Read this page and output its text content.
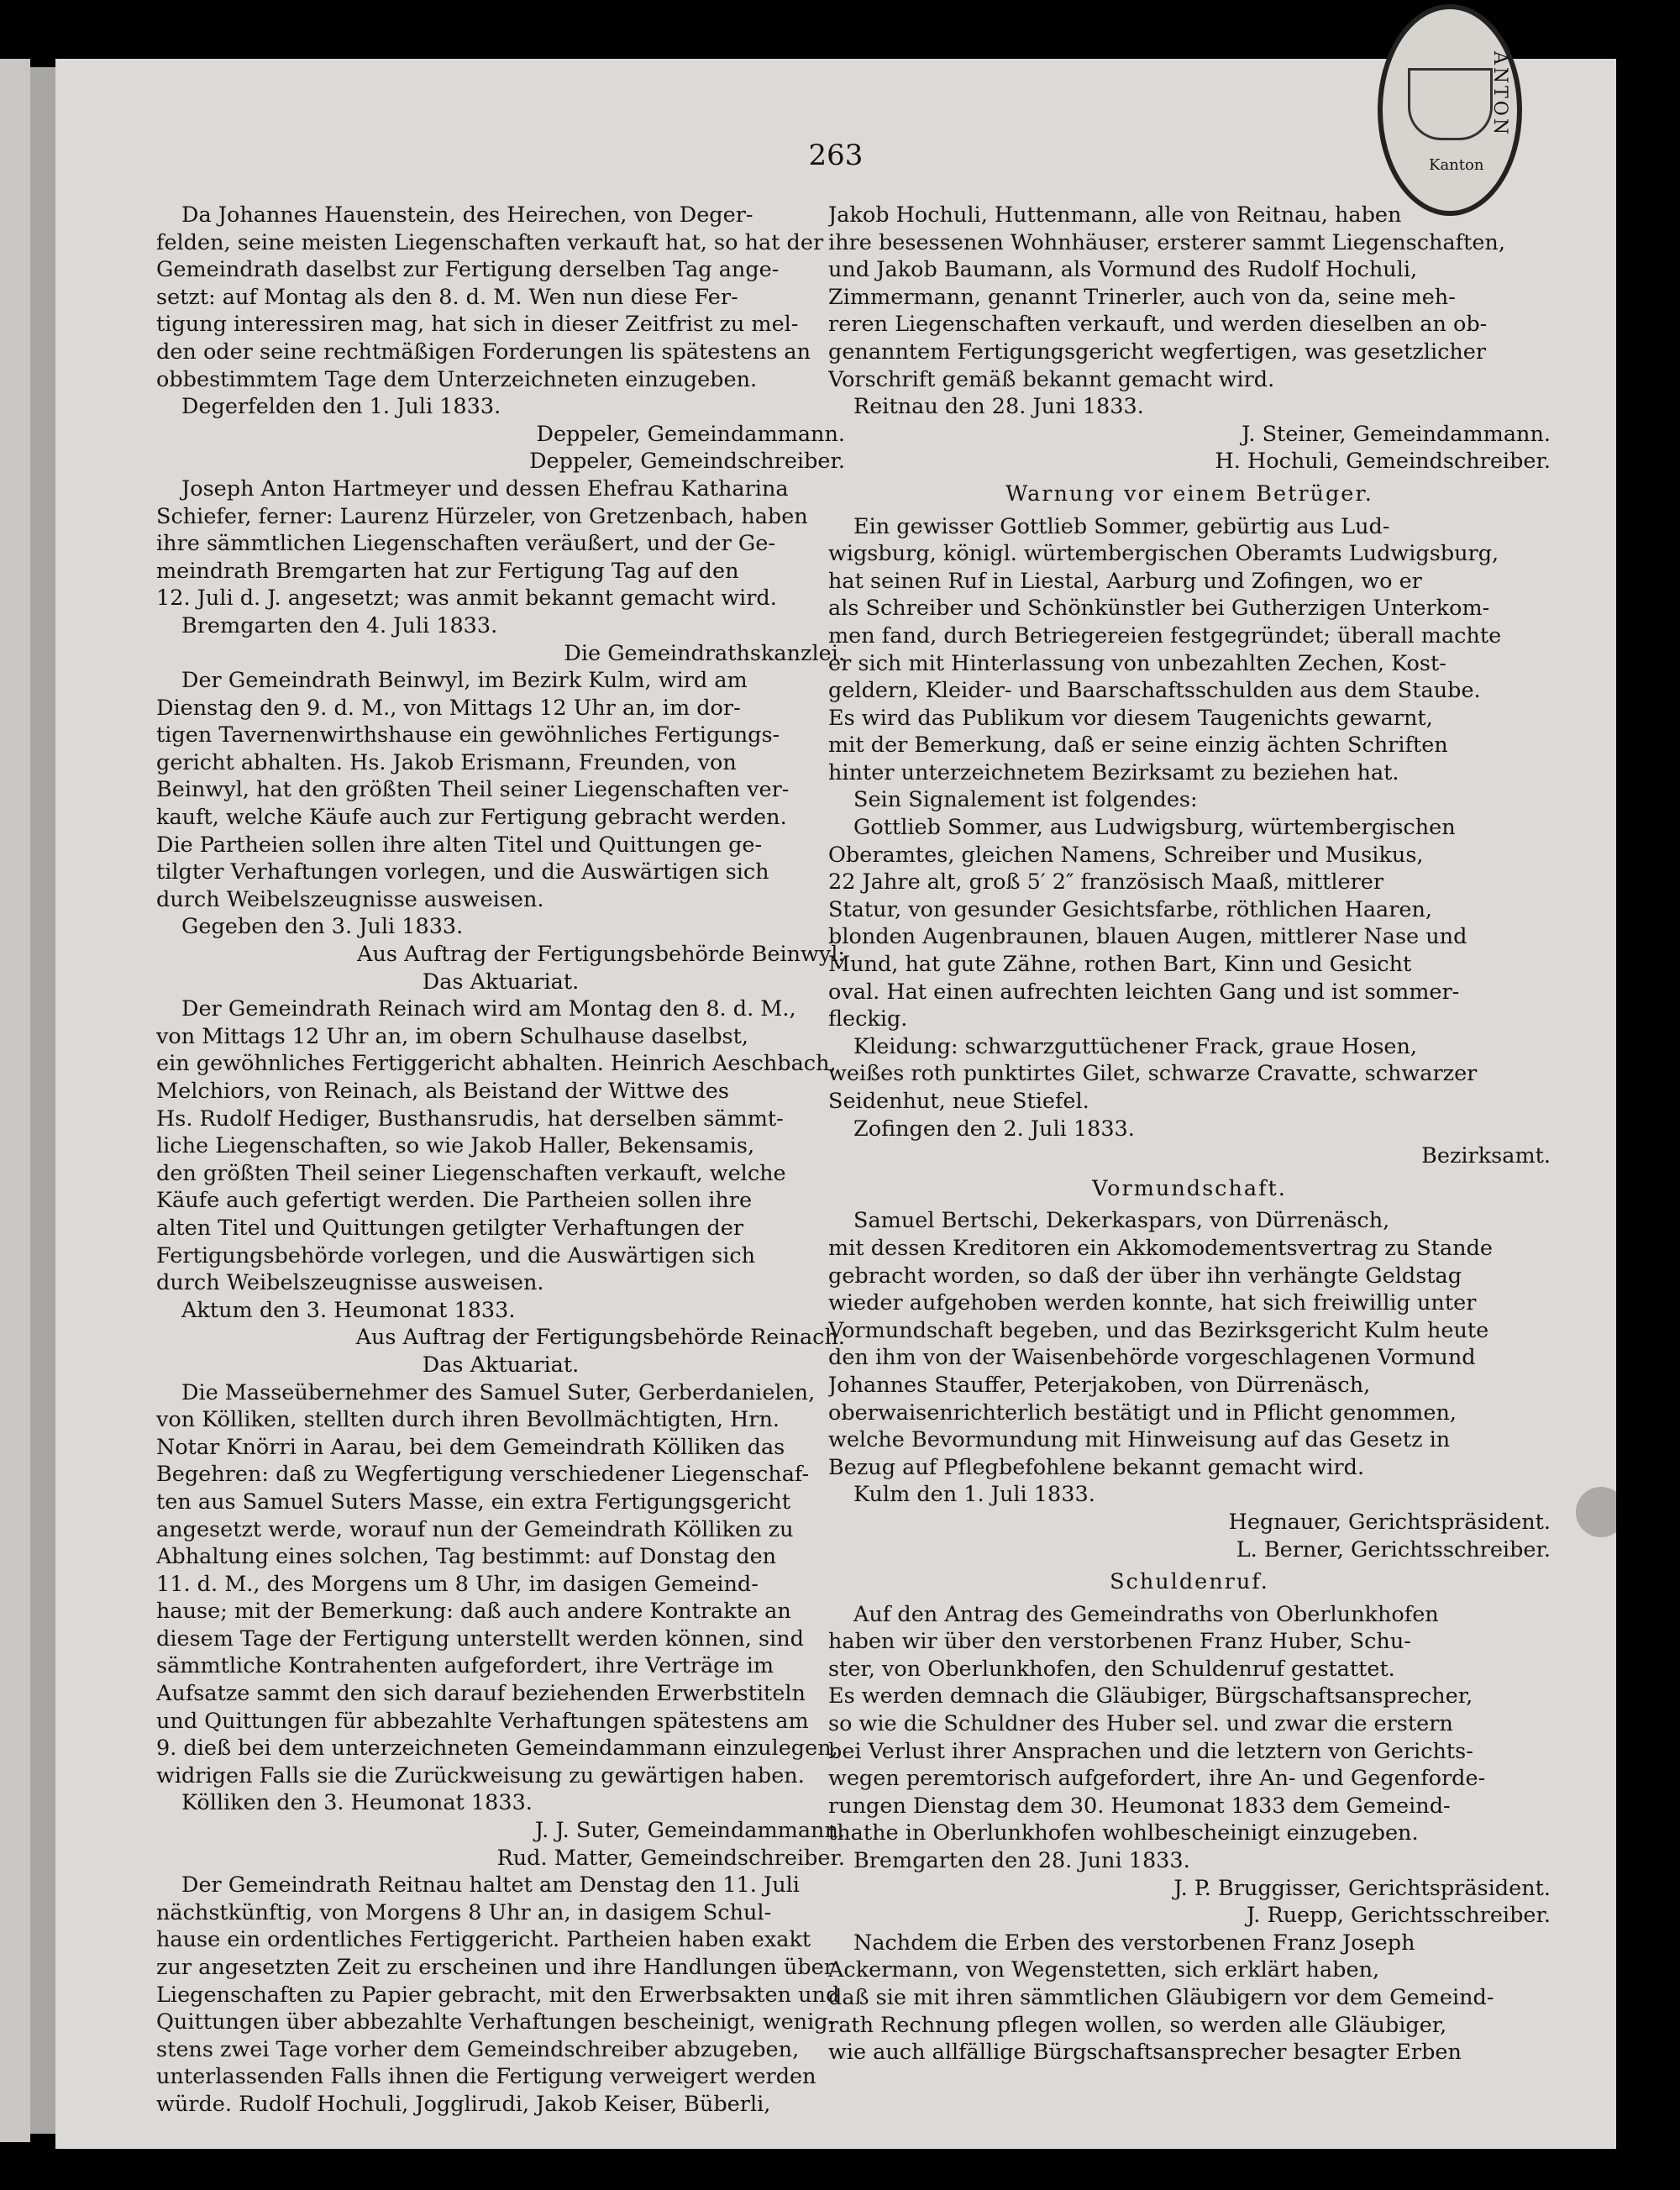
263
Da Johannes Hauenstein, des Heirechen, von Deger-
felden, seine meisten Liegenschaften verkauft hat, so hat der
Gemeindrath daselbst zur Fertigung derselben Tag ange-
setzt: auf Montag als den 8. d. M. Wen nun diese Fer-
tigung interessiren mag, hat sich in dieser Zeitfrist zu mel-
den oder seine rechtmäßigen Forderungen lis spätestens an
obbestimmtem Tage dem Unterzeichneten einzugeben.
Degerfelden den 1. Juli 1833.
Deppeler, Gemeindammann.
Deppeler, Gemeindschreiber.
Joseph Anton Hartmeyer und dessen Ehefrau Katharina
Schiefer, ferner: Laurenz Hürzeler, von Gretzenbach, haben
ihre sämmtlichen Liegenschaften veräußert, und der Ge-
meindrath Bremgarten hat zur Fertigung Tag auf den
12. Juli d. J. angesetzt; was anmit bekannt gemacht wird.
Bremgarten den 4. Juli 1833.
Die Gemeindrathskanzlei.
Der Gemeindrath Beinwyl, im Bezirk Kulm, wird am
Dienstag den 9. d. M., von Mittags 12 Uhr an, im dor-
tigen Tavernenwirthshause ein gewöhnliches Fertigungs-
gericht abhalten. Hs. Jakob Erismann, Freunden, von
Beinwyl, hat den größten Theil seiner Liegenschaften ver-
kauft, welche Käufe auch zur Fertigung gebracht werden.
Die Partheien sollen ihre alten Titel und Quittungen ge-
tilgter Verhaftungen vorlegen, und die Auswärtigen sich
durch Weibelszeugnisse ausweisen.
Gegeben den 3. Juli 1833.
Aus Auftrag der Fertigungsbehörde Beinwyl:
Das Aktuariat.
Der Gemeindrath Reinach wird am Montag den 8. d. M.,
von Mittags 12 Uhr an, im obern Schulhause daselbst,
ein gewöhnliches Fertiggericht abhalten. Heinrich Aeschbach,
Melchiors, von Reinach, als Beistand der Wittwe des
Hs. Rudolf Hediger, Busthansrudis, hat derselben sämmt-
liche Liegenschaften, so wie Jakob Haller, Bekensamis,
den größten Theil seiner Liegenschaften verkauft, welche
Käufe auch gefertigt werden. Die Partheien sollen ihre
alten Titel und Quittungen getilgter Verhaftungen der
Fertigungsbehörde vorlegen, und die Auswärtigen sich
durch Weibelszeugnisse ausweisen.
Aktum den 3. Heumonat 1833.
Aus Auftrag der Fertigungsbehörde Reinach.
Das Aktuariat.
Die Masseübernehmer des Samuel Suter, Gerberdanielen,
von Kölliken, stellten durch ihren Bevollmächtigten, Hrn.
Notar Knörri in Aarau, bei dem Gemeindrath Kölliken das
Begehren: daß zu Wegfertigung verschiedener Liegenschaf-
ten aus Samuel Suters Masse, ein extra Fertigungsgericht
angesetzt werde, worauf nun der Gemeindrath Kölliken zu
Abhaltung eines solchen, Tag bestimmt: auf Donstag den
11. d. M., des Morgens um 8 Uhr, im dasigen Gemeind-
hause; mit der Bemerkung: daß auch andere Kontrakte an
diesem Tage der Fertigung unterstellt werden können, sind
sämmtliche Kontrahenten aufgefordert, ihre Verträge im
Aufsatze sammt den sich darauf beziehenden Erwerbstiteln
und Quittungen für abbezahlte Verhaftungen spätestens am
9. dieß bei dem unterzeichneten Gemeindammann einzulegen,
widrigen Falls sie die Zurückweisung zu gewärtigen haben.
Kölliken den 3. Heumonat 1833.
J. J. Suter, Gemeindammann.
Rud. Matter, Gemeindschreiber.
Der Gemeindrath Reitnau haltet am Denstag den 11. Juli
nächstkünftig, von Morgens 8 Uhr an, in dasigem Schul-
hause ein ordentliches Fertiggericht. Partheien haben exakt
zur angesetzten Zeit zu erscheinen und ihre Handlungen über
Liegenschaften zu Papier gebracht, mit den Erwerbsakten und
Quittungen über abbezahlte Verhaftungen bescheinigt, wenig-
stens zwei Tage vorher dem Gemeindschreiber abzugeben,
unterlassenden Falls ihnen die Fertigung verweigert werden
würde. Rudolf Hochuli, Jogglirudi, Jakob Keiser, Büberli,
Jakob Hochuli, Huttenmann, alle von Reitnau, haben
ihre besessenen Wohnhäuser, ersterer sammt Liegenschaften,
und Jakob Baumann, als Vormund des Rudolf Hochuli,
Zimmermann, genannt Trinerler, auch von da, seine meh-
reren Liegenschaften verkauft, und werden dieselben an ob-
genanntem Fertigungsgericht wegfertigen, was gesetzlicher
Vorschrift gemäß bekannt gemacht wird.
Reitnau den 28. Juni 1833.
J. Steiner, Gemeindammann.
H. Hochuli, Gemeindschreiber.
Warnung vor einem Betrüger.
Ein gewisser Gottlieb Sommer, gebürtig aus Lud-
wigsburg, königl. würtembergischen Oberamts Ludwigsburg,
hat seinen Ruf in Liestal, Aarburg und Zofingen, wo er
als Schreiber und Schönkünstler bei Gutherzigen Unterkom-
men fand, durch Betriegereien festgegründet; überall machte
er sich mit Hinterlassung von unbezahlten Zechen, Kost-
geldern, Kleider- und Baarschaftsschulden aus dem Staube.
Es wird das Publikum vor diesem Taugenichts gewarnt,
mit der Bemerkung, daß er seine einzig ächten Schriften
hinter unterzeichnetem Bezirksamt zu beziehen hat.
Sein Signalement ist folgendes:
Gottlieb Sommer, aus Ludwigsburg, würtembergischen
Oberamtes, gleichen Namens, Schreiber und Musikus,
22 Jahre alt, groß 5′ 2″ französisch Maaß, mittlerer
Statur, von gesunder Gesichtsfarbe, röthlichen Haaren,
blonden Augenbraunen, blauen Augen, mittlerer Nase und
Mund, hat gute Zähne, rothen Bart, Kinn und Gesicht
oval. Hat einen aufrechten leichten Gang und ist sommer-
fleckig.
Kleidung: schwarzguttüchener Frack, graue Hosen,
weißes roth punktirtes Gilet, schwarze Cravatte, schwarzer
Seidenhut, neue Stiefel.
Zofingen den 2. Juli 1833.
Bezirksamt.
Vormundschaft.
Samuel Bertschi, Dekerkaspars, von Dürrenäsch,
mit dessen Kreditoren ein Akkomodementsvertrag zu Stande
gebracht worden, so daß der über ihn verhängte Geldstag
wieder aufgehoben werden konnte, hat sich freiwillig unter
Vormundschaft begeben, und das Bezirksgericht Kulm heute
den ihm von der Waisenbehörde vorgeschlagenen Vormund
Johannes Stauffer, Peterjakoben, von Dürrenäsch,
oberwaisenrichterlich bestätigt und in Pflicht genommen,
welche Bevormundung mit Hinweisung auf das Gesetz in
Bezug auf Pflegbefohlene bekannt gemacht wird.
Kulm den 1. Juli 1833.
Hegnauer, Gerichtspräsident.
L. Berner, Gerichtsschreiber.
Schuldenruf.
Auf den Antrag des Gemeindraths von Oberlunkhofen
haben wir über den verstorbenen Franz Huber, Schu-
ster, von Oberlunkhofen, den Schuldenruf gestattet.
Es werden demnach die Gläubiger, Bürgschaftsansprecher,
so wie die Schuldner des Huber sel. und zwar die erstern
bei Verlust ihrer Ansprachen und die letztern von Gerichts-
wegen peremtorisch aufgefordert, ihre An- und Gegenforde-
rungen Dienstag dem 30. Heumonat 1833 dem Gemeind-
thathe in Oberlunkhofen wohlbescheinigt einzugeben.
Bremgarten den 28. Juni 1833.
J. P. Bruggisser, Gerichtspräsident.
J. Ruepp, Gerichtsschreiber.
Nachdem die Erben des verstorbenen Franz Joseph
Ackermann, von Wegenstetten, sich erklärt haben,
daß sie mit ihren sämmtlichen Gläubigern vor dem Gemeind-
rath Rechnung pflegen wollen, so werden alle Gläubiger,
wie auch allfällige Bürgschaftsansprecher besagter Erben
ANTON
Kanton
